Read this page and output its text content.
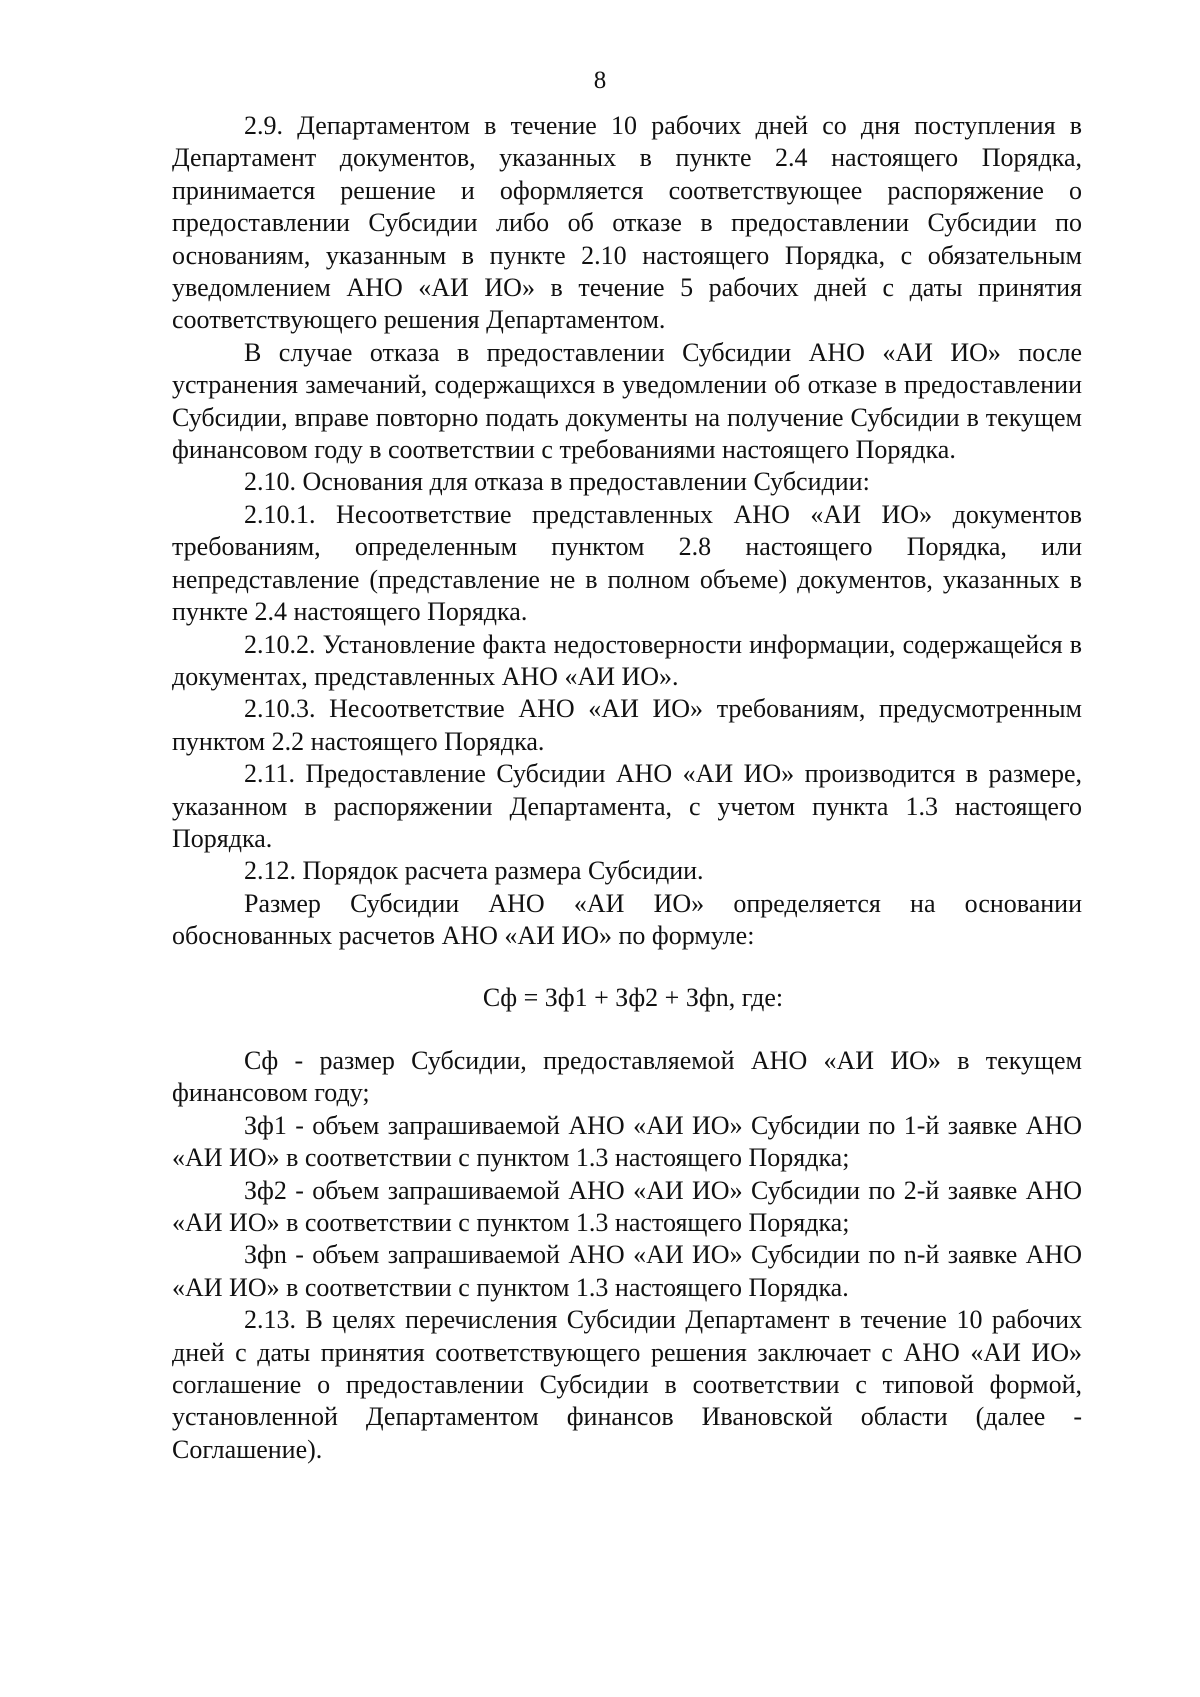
8

2.9. Департаментом в течение 10 рабочих дней со дня поступления в Департамент документов, указанных в пункте 2.4 настоящего Порядка, принимается решение и оформляется соответствующее распоряжение о предоставлении Субсидии либо об отказе в предоставлении Субсидии по основаниям, указанным в пункте 2.10 настоящего Порядка, с обязательным уведомлением АНО «АИ ИО» в течение 5 рабочих дней с даты принятия соответствующего решения Департаментом.

В случае отказа в предоставлении Субсидии АНО «АИ ИО» после устранения замечаний, содержащихся в уведомлении об отказе в предоставлении Субсидии, вправе повторно подать документы на получение Субсидии в текущем финансовом году в соответствии с требованиями настоящего Порядка.

2.10. Основания для отказа в предоставлении Субсидии:

2.10.1. Несоответствие представленных АНО «АИ ИО» документов требованиям, определенным пунктом 2.8 настоящего Порядка, или непредставление (представление не в полном объеме) документов, указанных в пункте 2.4 настоящего Порядка.

2.10.2. Установление факта недостоверности информации, содержащейся в документах, представленных АНО «АИ ИО».

2.10.3. Несоответствие АНО «АИ ИО» требованиям, предусмотренным пунктом 2.2 настоящего Порядка.

2.11. Предоставление Субсидии АНО «АИ ИО» производится в размере, указанном в распоряжении Департамента, с учетом пункта 1.3 настоящего Порядка.

2.12. Порядок расчета размера Субсидии.

Размер Субсидии АНО «АИ ИО» определяется на основании обоснованных расчетов АНО «АИ ИО» по формуле:

Сф = Зф1 + Зф2 + Зфn, где:

Сф - размер Субсидии, предоставляемой АНО «АИ ИО» в текущем финансовом году;

Зф1 - объем запрашиваемой АНО «АИ ИО» Субсидии по 1-й заявке АНО «АИ ИО» в соответствии с пунктом 1.3 настоящего Порядка;

Зф2 - объем запрашиваемой АНО «АИ ИО» Субсидии по 2-й заявке АНО «АИ ИО» в соответствии с пунктом 1.3 настоящего Порядка;

Зфn - объем запрашиваемой АНО «АИ ИО» Субсидии по n-й заявке АНО «АИ ИО» в соответствии с пунктом 1.3 настоящего Порядка.

2.13. В целях перечисления Субсидии Департамент в течение 10 рабочих дней с даты принятия соответствующего решения заключает с АНО «АИ ИО» соглашение о предоставлении Субсидии в соответствии с типовой формой, установленной Департаментом финансов Ивановской области (далее - Соглашение).
